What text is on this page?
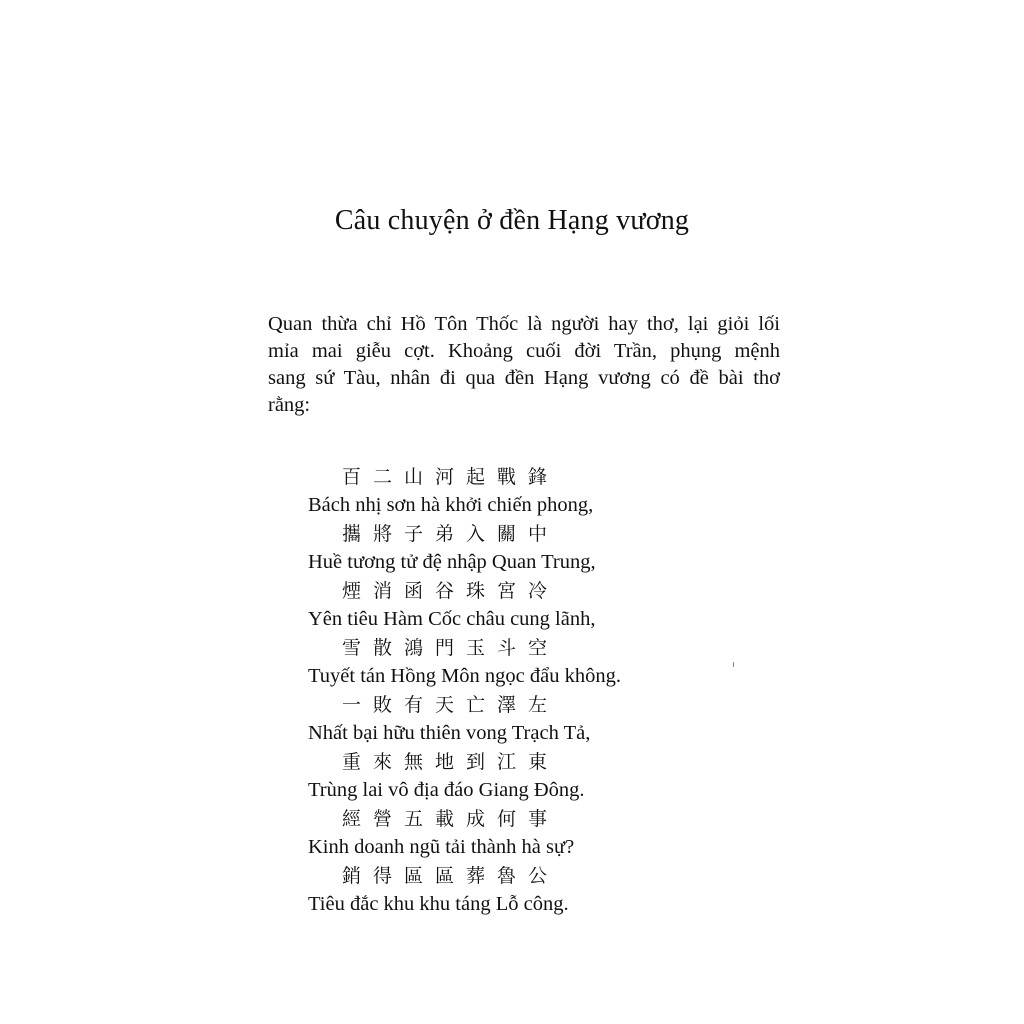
Câu chuyện ở đền Hạng vương
Quan thừa chỉ Hồ Tôn Thốc là người hay thơ, lại giỏi lối
mỉa mai giễu cợt. Khoảng cuối đời Trần, phụng mệnh
sang sứ Tàu, nhân đi qua đền Hạng vương có đề bài thơ
rằng:
百二山河起戰鋒
Bách nhị sơn hà khởi chiến phong,
攜將子弟入關中
Huề tương tử đệ nhập Quan Trung,
煙消函谷珠宮冷
Yên tiêu Hàm Cốc châu cung lãnh,
雪散鴻門玉斗空
Tuyết tán Hồng Môn ngọc đẩu không.
一敗有天亡澤左
Nhất bại hữu thiên vong Trạch Tả,
重來無地到江東
Trùng lai vô địa đáo Giang Đông.
經營五載成何事
Kinh doanh ngũ tải thành hà sự?
銷得區區葬魯公
Tiêu đắc khu khu táng Lỗ công.
